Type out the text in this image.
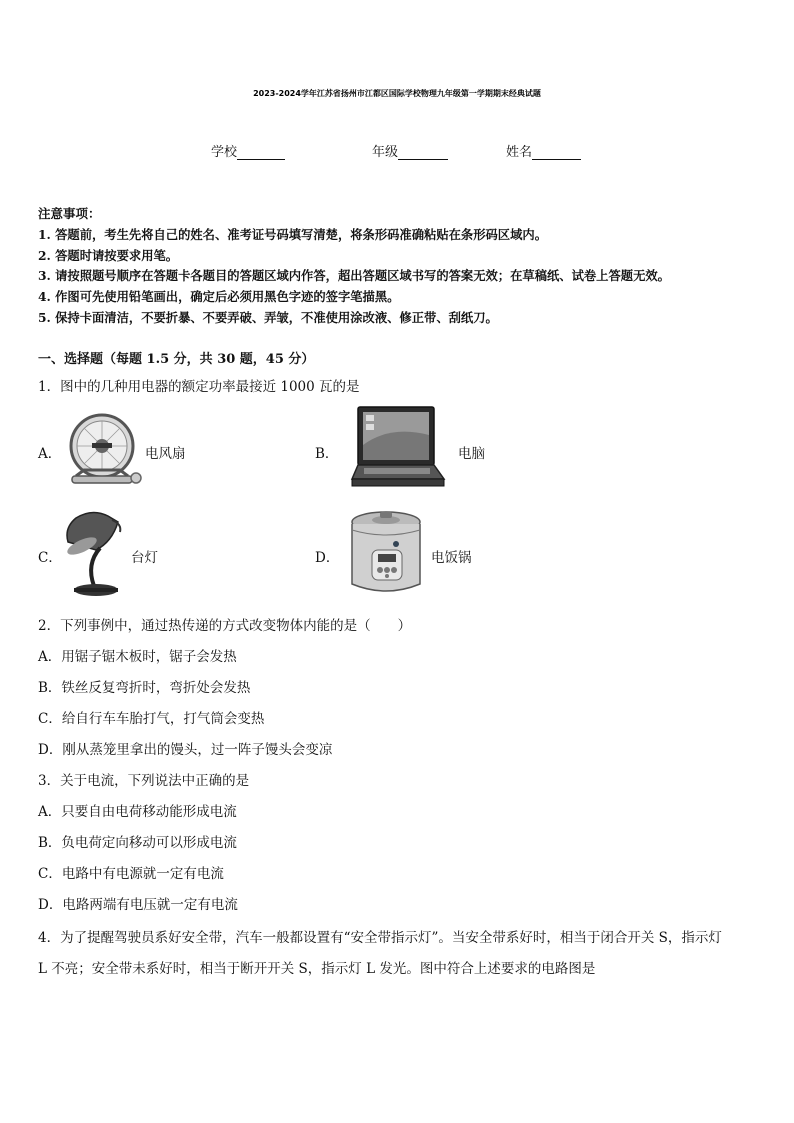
2023-2024学年江苏省扬州市江都区国际学校物理九年级第一学期期末经典试题
学校	年级	姓名
注意事项：
1. 答题前，考生先将自己的姓名、准考证号码填写清楚，将条形码准确粘贴在条形码区域内。
2. 答题时请按要求用笔。
3. 请按照题号顺序在答题卡各题目的答题区域内作答，超出答题区域书写的答案无效；在草稿纸、试卷上答题无效。
4. 作图可先使用铅笔画出，确定后必须用黑色字迹的签字笔描黑。
5. 保持卡面清洁，不要折暴、不要弄破、弄皱，不准使用涂改液、修正带、刮纸刀。
一、选择题（每题 1.5 分，共 30 题，45 分）
1．图中的几种用电器的额定功率最接近 1000 瓦的是
A．	电风扇	B．	电脑
C．	台灯	D．	电饭锅
2．下列事例中，通过热传递的方式改变物体内能的是（　　）
A．用锯子锯木板时，锯子会发热
B．铁丝反复弯折时，弯折处会发热
C．给自行车车胎打气，打气筒会变热
D．刚从蒸笼里拿出的馒头，过一阵子馒头会变凉
3．关于电流，下列说法中正确的是
A．只要自由电荷移动能形成电流
B．负电荷定向移动可以形成电流
C．电路中有电源就一定有电流
D．电路两端有电压就一定有电流
4．为了提醒驾驶员系好安全带，汽车一般都设置有“安全带指示灯”。当安全带系好时，相当于闭合开关 S，指示灯
L 不亮；安全带未系好时，相当于断开开关 S，指示灯 L 发光。图中符合上述要求的电路图是
